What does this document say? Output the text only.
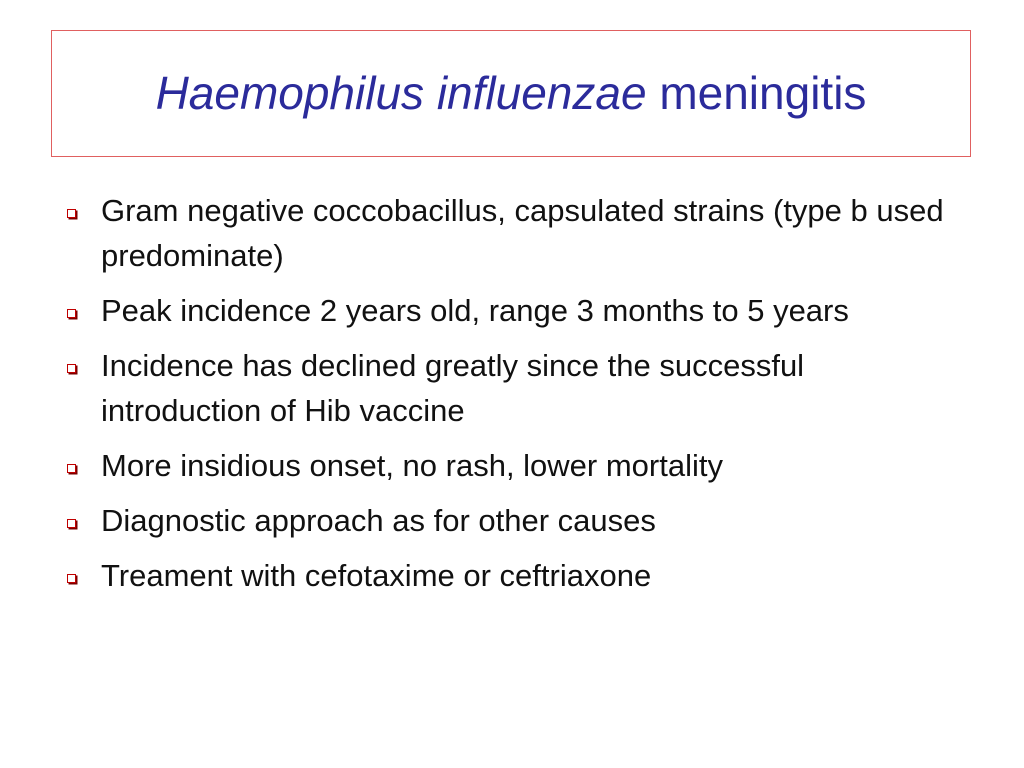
Haemophilus influenzae meningitis
Gram negative coccobacillus, capsulated strains (type b used predominate)
Peak incidence 2 years old, range 3 months to 5 years
Incidence has declined greatly since the successful introduction of Hib vaccine
More insidious onset, no rash, lower mortality
Diagnostic approach as for other causes
Treament with cefotaxime or ceftriaxone
